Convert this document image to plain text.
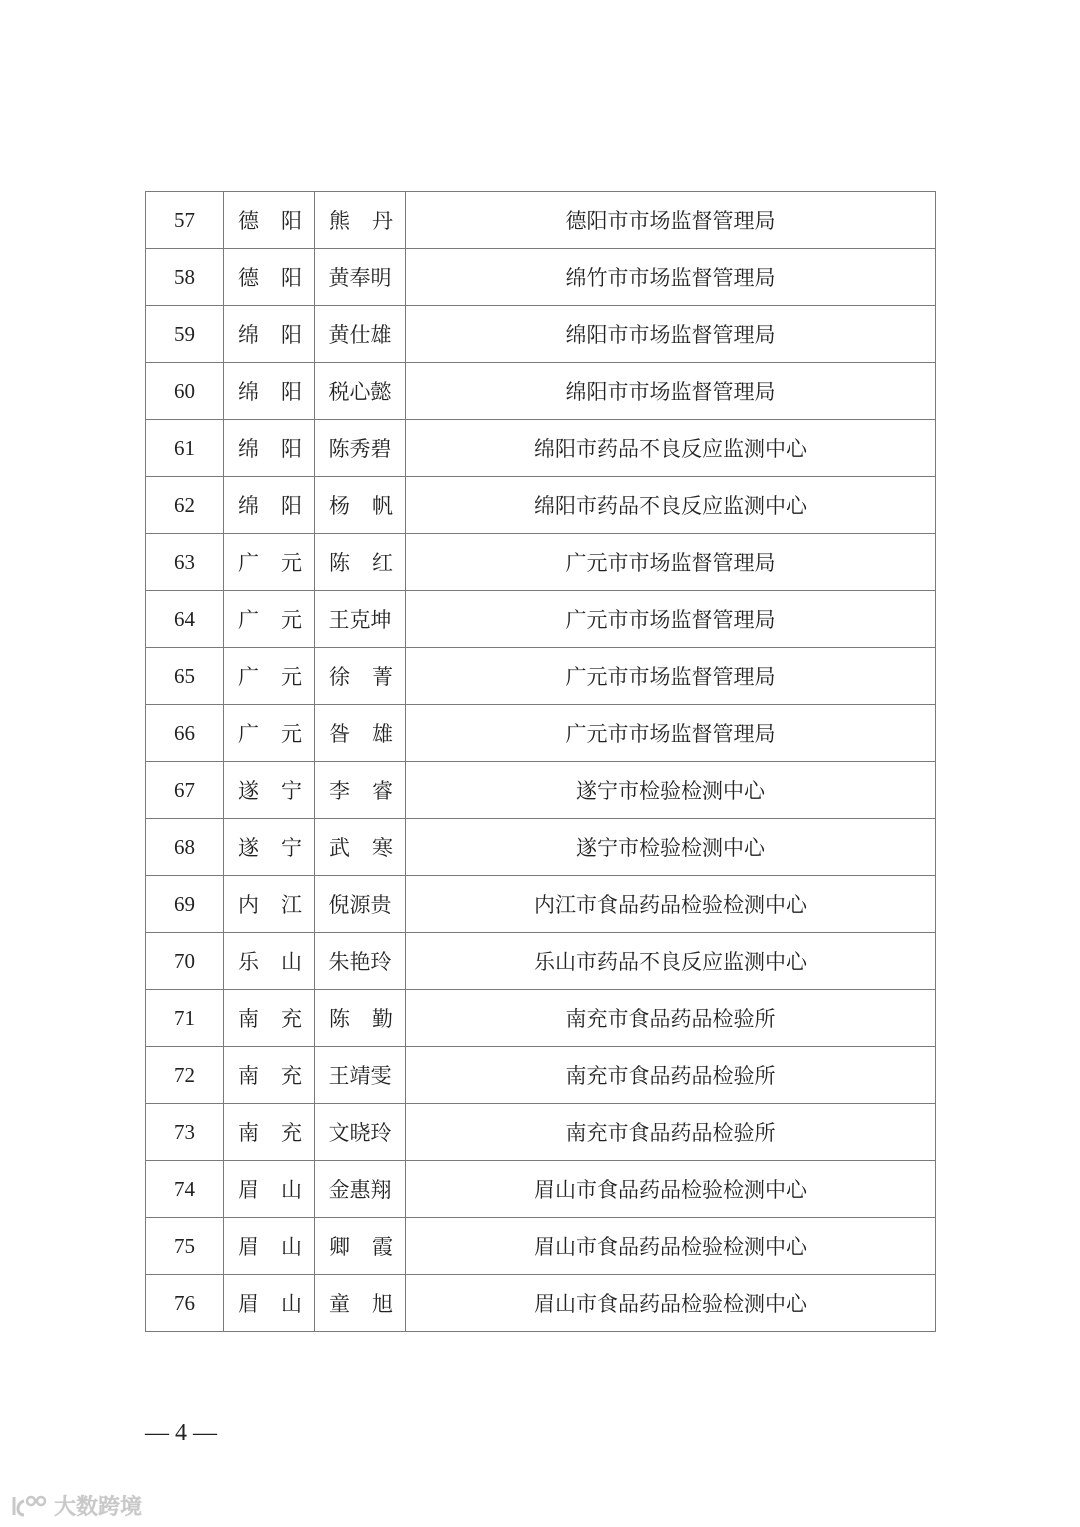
57	德 阳	熊 丹	德阳市市场监督管理局
58	德 阳	黄奉明	绵竹市市场监督管理局
59	绵 阳	黄仕雄	绵阳市市场监督管理局
60	绵 阳	税心懿	绵阳市市场监督管理局
61	绵 阳	陈秀碧	绵阳市药品不良反应监测中心
62	绵 阳	杨 帆	绵阳市药品不良反应监测中心
63	广 元	陈 红	广元市市场监督管理局
64	广 元	王克坤	广元市市场监督管理局
65	广 元	徐 菁	广元市市场监督管理局
66	广 元	昝 雄	广元市市场监督管理局
67	遂 宁	李 睿	遂宁市检验检测中心
68	遂 宁	武 寒	遂宁市检验检测中心
69	内 江	倪源贵	内江市食品药品检验检测中心
70	乐 山	朱艳玲	乐山市药品不良反应监测中心
71	南 充	陈 勤	南充市食品药品检验所
72	南 充	王靖雯	南充市食品药品检验所
73	南 充	文晓玲	南充市食品药品检验所
74	眉 山	金惠翔	眉山市食品药品检验检测中心
75	眉 山	卿 霞	眉山市食品药品检验检测中心
76	眉 山	童 旭	眉山市食品药品检验检测中心
— 4 —
大数跨境
